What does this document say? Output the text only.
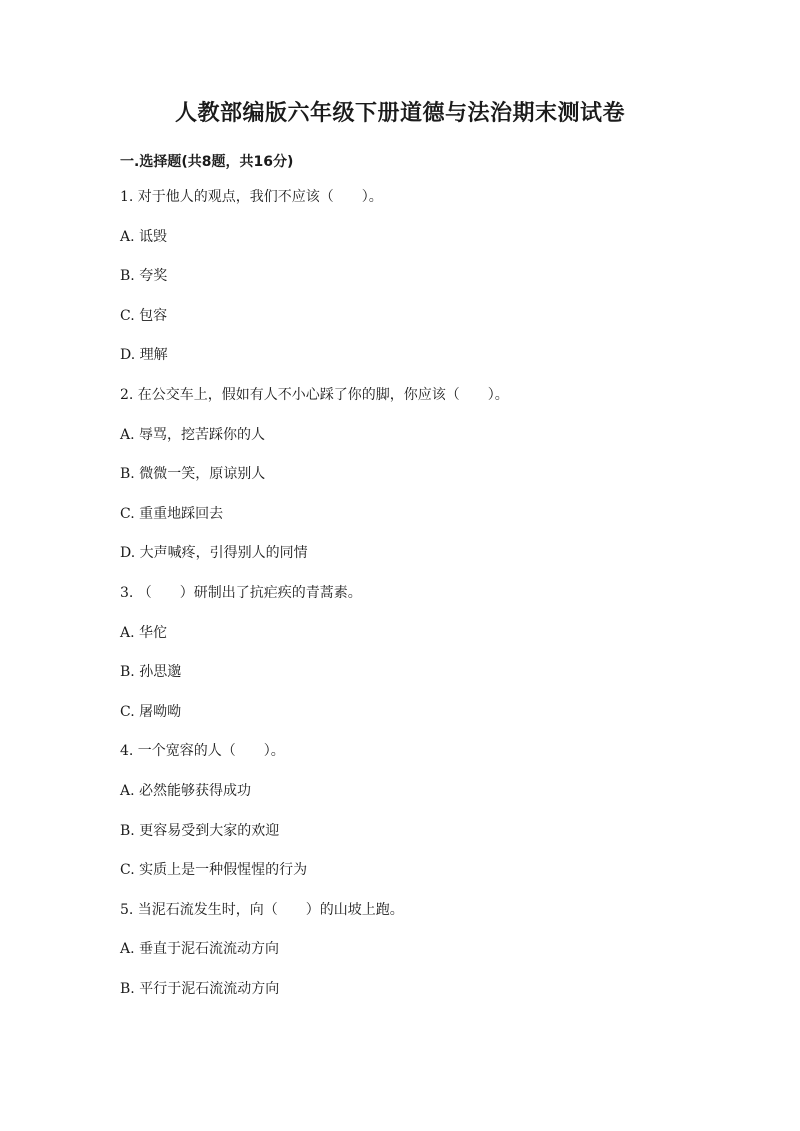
人教部编版六年级下册道德与法治期末测试卷
一.选择题(共8题，共16分)
1. 对于他人的观点，我们不应该（　　）。
A. 诋毁
B. 夸奖
C. 包容
D. 理解
2. 在公交车上，假如有人不小心踩了你的脚，你应该（　　）。
A. 辱骂，挖苦踩你的人
B. 微微一笑，原谅别人
C. 重重地踩回去
D. 大声喊疼，引得别人的同情
3. （　　）研制出了抗疟疾的青蒿素。
A. 华佗
B. 孙思邈
C. 屠呦呦
4. 一个宽容的人（　　）。
A. 必然能够获得成功
B. 更容易受到大家的欢迎
C. 实质上是一种假惺惺的行为
5. 当泥石流发生时，向（　　）的山坡上跑。
A. 垂直于泥石流流动方向
B. 平行于泥石流流动方向
